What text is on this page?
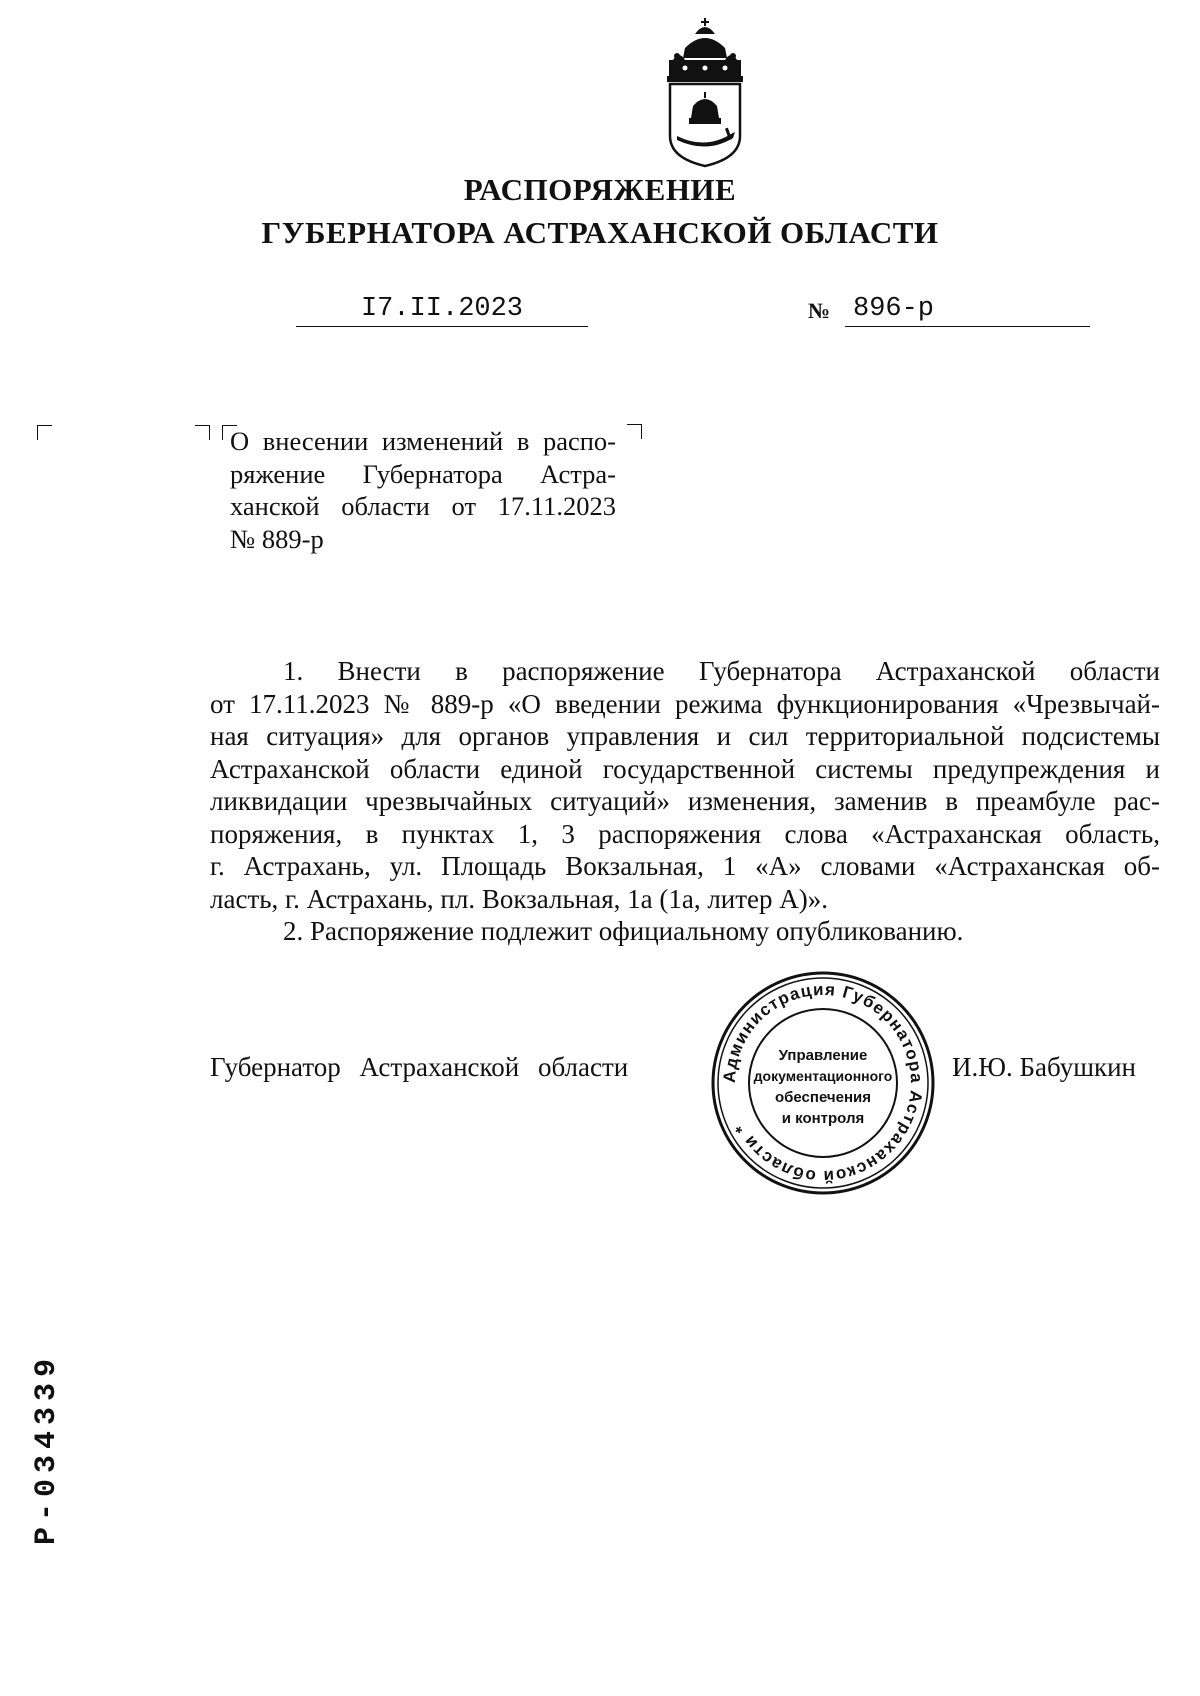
РАСПОРЯЖЕНИЕ
ГУБЕРНАТОРА АСТРАХАНСКОЙ ОБЛАСТИ
I7.II.2023	№ 896-р

О внесении изменений в распо-

ряжение Губернатора Астра-

ханской области от 17.11.2023

№ 889-р

1. Внести в распоряжение Губернатора Астраханской области

от 17.11.2023 № 889-р «О введении режима функционирования «Чрезвычай-

ная ситуация» для органов управления и сил территориальной подсистемы

Астраханской области единой государственной системы предупреждения и

ликвидации чрезвычайных ситуаций» изменения, заменив в преамбуле рас-

поряжения, в пунктах 1, 3 распоряжения слова «Астраханская область,

г. Астрахань, ул. Площадь Вокзальная, 1 «А» словами «Астраханская об-

ласть, г. Астрахань, пл. Вокзальная, 1а (1а, литер А)».

2. Распоряжение подлежит официальному опубликованию.

Губернатор Астраханской области	И.Ю. Бабушкин
Администрация Губернатора Астраханской области *
Управление
документационного
обеспечения
и контроля
Р-034339
